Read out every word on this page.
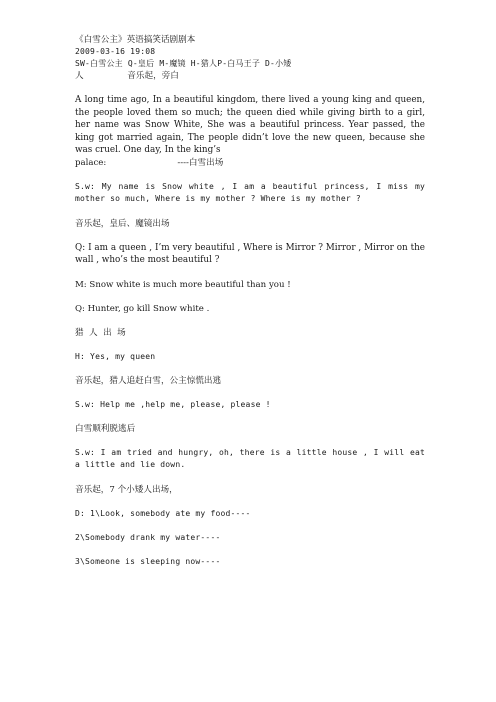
《白雪公主》英语搞笑话剧剧本
2009-03-16 19:08
SW-白雪公主 Q-皇后 M-魔镜 H-猎人P-白马王子 D-小矮
人                音乐起，旁白
A long time ago, In a beautiful kingdom, there lived a young king and queen, the people loved them so much; the queen died while giving birth to a girl, her name was Snow White, She was a beautiful princess. Year passed, the king got married again, The people didn’t love the new queen, because she was cruel. One day, In the king’s
palace:                          ----白雪出场
S.w: My name is Snow white , I am a beautiful princess, I miss my mother so much, Where is my mother ? Where is my mother ?
音乐起，皇后、魔镜出场
Q: I am a queen , I’m very beautiful , Where is Mirror ? Mirror , Mirror on the wall , who’s the most beautiful ?
M: Snow white is much more beautiful than you !
Q: Hunter, go kill Snow white .
猎  人  出  场
H: Yes, my queen
音乐起，猎人追赶白雪，公主惊慌出逃
S.w: Help me ,help me, please, please !
白雪顺利脱逃后
S.w: I am tried and hungry, oh, there is a little house , I will eat a little and lie down.
音乐起，7 个小矮人出场，
D: 1\Look, somebody ate my food----
2\Somebody drank my water----
3\Someone is sleeping now----
